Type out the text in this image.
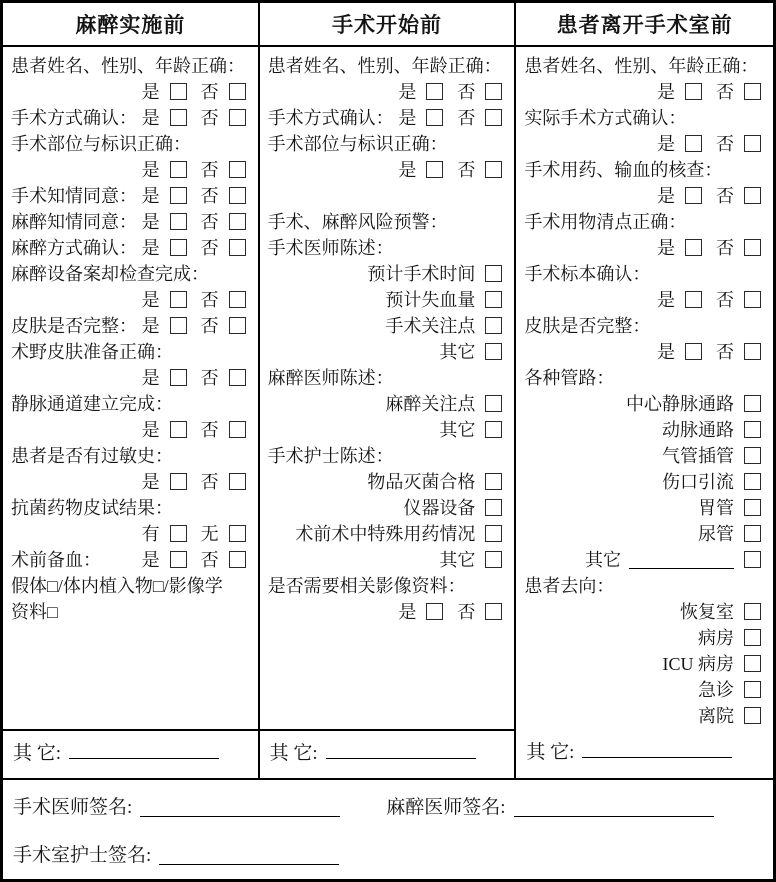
麻醉实施前	手术开始前	患者离开手术室前
患者姓名、性别、年龄正确：
是 否
手术方式确认： 是 否
手术部位与标识正确：
是 否
手术知情同意： 是 否
麻醉知情同意： 是 否
麻醉方式确认： 是 否
麻醉设备案却检查完成：
是 否
皮肤是否完整： 是 否
术野皮肤准备正确：
是 否
静脉通道建立完成：
是 否
患者是否有过敏史：
是 否
抗菌药物皮试结果：
有 无
术前备血： 是 否
假体□/体内植入物□/影像学
资料□
患者姓名、性别、年龄正确：
是 否
手术方式确认： 是 否
手术部位与标识正确：
是 否
手术、麻醉风险预警：
手术医师陈述：
预计手术时间
预计失血量
手术关注点
其它
麻醉医师陈述：
麻醉关注点
其它
手术护士陈述：
物品灭菌合格
仪器设备
术前术中特殊用药情况
其它
是否需要相关影像资料：
是 否
患者姓名、性别、年龄正确：
是 否
实际手术方式确认：
是 否
手术用药、输血的核查：
是 否
手术用物清点正确：
是 否
手术标本确认：
是 否
皮肤是否完整：
是 否
各种管路：
中心静脉通路
动脉通路
气管插管
伤口引流
胃管
尿管
其它
患者去向：
恢复室
病房
ICU 病房
急诊
离院
其 它:	其 它:	其 它:
手术医师签名:	麻醉医师签名:
手术室护士签名:
